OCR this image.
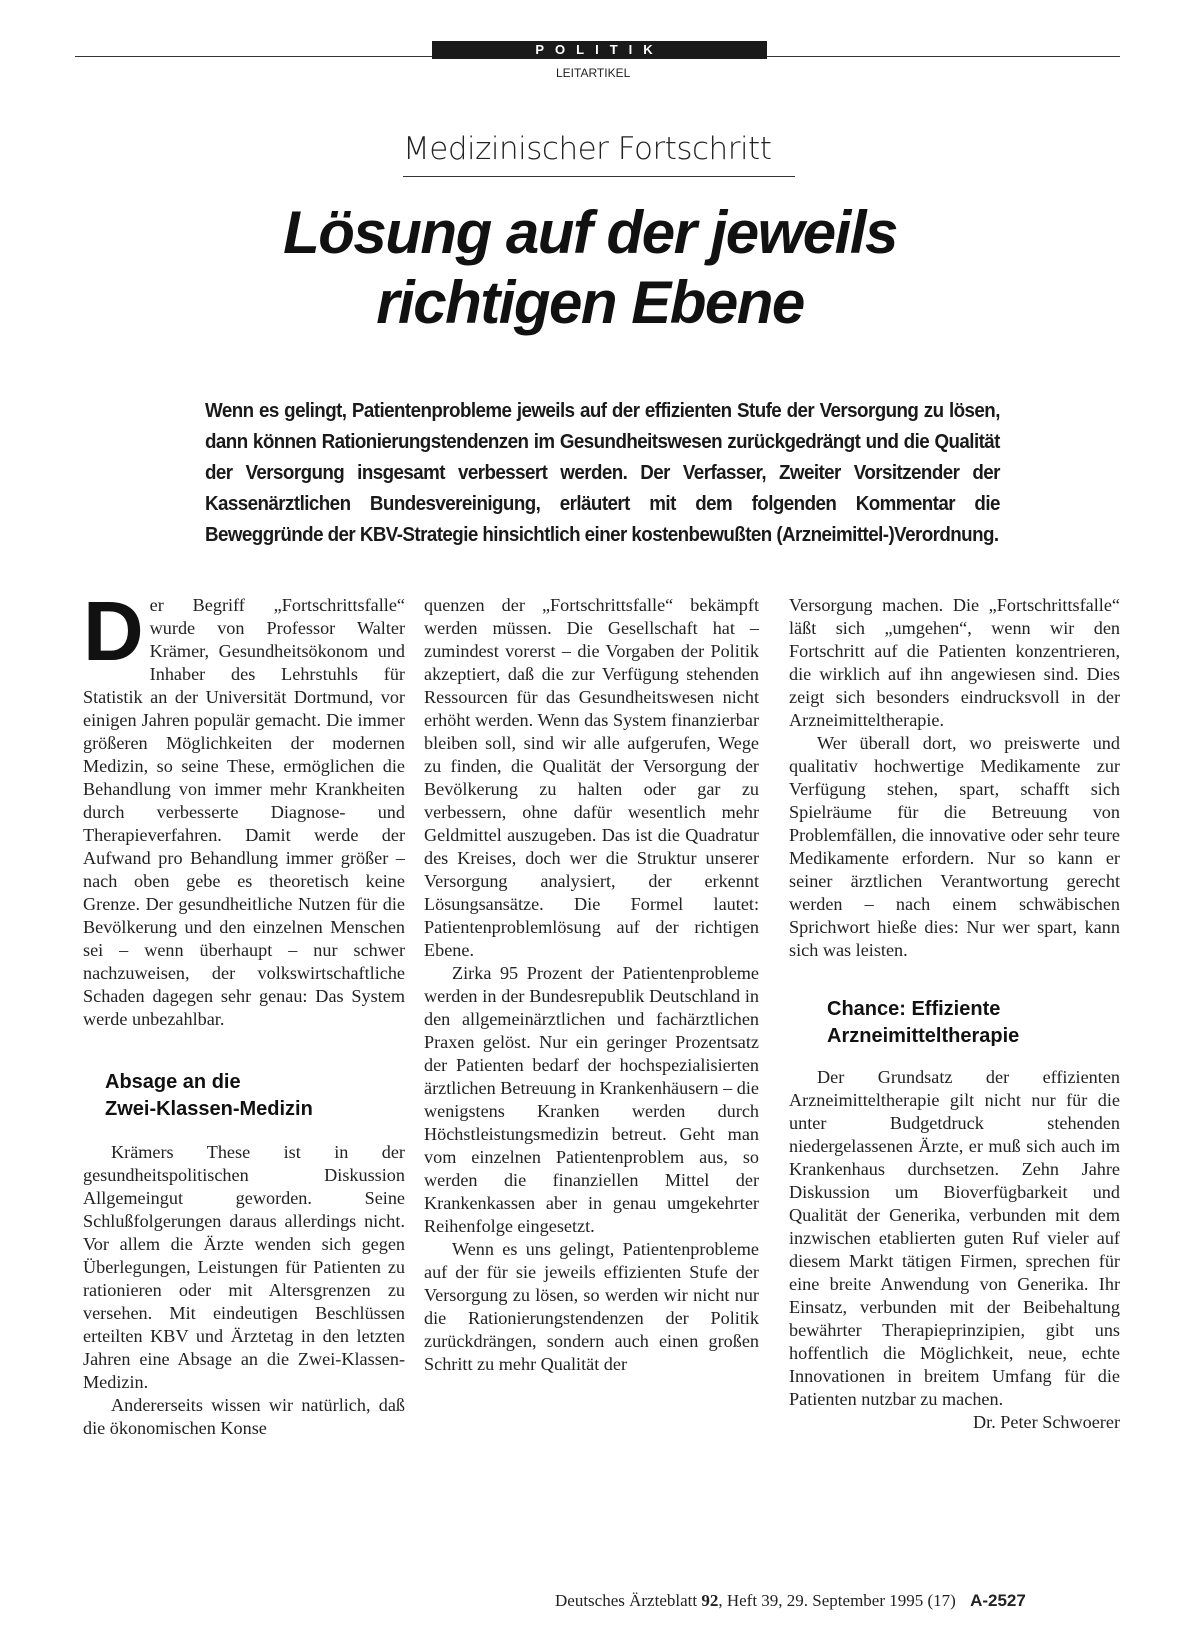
POLITIK
LEITARTIKEL
Medizinischer Fortschritt
Lösung auf der jeweils
richtigen Ebene
Wenn es gelingt, Patientenprobleme jeweils auf der effizienten Stufe der Versorgung zu lösen, dann können Rationierungstendenzen im Gesundheitswesen zurückgedrängt und die Qualität der Versorgung insgesamt verbessert werden. Der Verfasser, Zweiter Vorsitzender der Kassenärztlichen Bundesvereinigung, erläutert mit dem folgenden Kommentar die Beweggründe der KBV-Strategie hinsichtlich einer kostenbewußten (Arzneimittel-)Verordnung.

Der Begriff „Fortschrittsfalle“ wurde von Professor Walter Krämer, Gesundheitsökonom und Inhaber des Lehrstuhls für Statistik an der Universität Dortmund, vor einigen Jahren populär gemacht. Die immer größeren Möglichkeiten der modernen Medizin, so seine These, ermöglichen die Behandlung von immer mehr Krankheiten durch verbesserte Diagnose- und Therapieverfahren. Damit werde der Aufwand pro Behandlung immer größer – nach oben gebe es theoretisch keine Grenze. Der gesundheitliche Nutzen für die Bevölkerung und den einzelnen Menschen sei – wenn überhaupt – nur schwer nachzuweisen, der volkswirtschaftliche Schaden dagegen sehr genau: Das System werde unbezahlbar.

Absage an die
Zwei-Klassen-Medizin

Krämers These ist in der gesundheitspolitischen Diskussion Allgemeingut geworden. Seine Schlußfolgerungen daraus allerdings nicht. Vor allem die Ärzte wenden sich gegen Überlegungen, Leistungen für Patienten zu rationieren oder mit Altersgrenzen zu versehen. Mit eindeutigen Beschlüssen erteilten KBV und Ärztetag in den letzten Jahren eine Absage an die Zwei-Klassen-Medizin.

Andererseits wissen wir natürlich, daß die ökonomischen Konse

quenzen der „Fortschrittsfalle“ bekämpft werden müssen. Die Gesellschaft hat – zumindest vorerst – die Vorgaben der Politik akzeptiert, daß die zur Verfügung stehenden Ressourcen für das Gesundheitswesen nicht erhöht werden. Wenn das System finanzierbar bleiben soll, sind wir alle aufgerufen, Wege zu finden, die Qualität der Versorgung der Bevölkerung zu halten oder gar zu verbessern, ohne dafür wesentlich mehr Geldmittel auszugeben. Das ist die Quadratur des Kreises, doch wer die Struktur unserer Versorgung analysiert, der erkennt Lösungsansätze. Die Formel lautet: Patientenproblemlösung auf der richtigen Ebene.

Zirka 95 Prozent der Patientenprobleme werden in der Bundesrepublik Deutschland in den allgemeinärztlichen und fachärztlichen Praxen gelöst. Nur ein geringer Prozentsatz der Patienten bedarf der hochspezialisierten ärztlichen Betreuung in Krankenhäusern – die wenigstens Kranken werden durch Höchstleistungsmedizin betreut. Geht man vom einzelnen Patientenproblem aus, so werden die finanziellen Mittel der Krankenkassen aber in genau umgekehrter Reihenfolge eingesetzt.

Wenn es uns gelingt, Patientenprobleme auf der für sie jeweils effizienten Stufe der Versorgung zu lösen, so werden wir nicht nur die Rationierungstendenzen der Politik zurückdrängen, sondern auch einen großen Schritt zu mehr Qualität der

Versorgung machen. Die „Fortschrittsfalle“ läßt sich „umgehen“, wenn wir den Fortschritt auf die Patienten konzentrieren, die wirklich auf ihn angewiesen sind. Dies zeigt sich besonders eindrucksvoll in der Arzneimitteltherapie.

Wer überall dort, wo preiswerte und qualitativ hochwertige Medikamente zur Verfügung stehen, spart, schafft sich Spielräume für die Betreuung von Problemfällen, die innovative oder sehr teure Medikamente erfordern. Nur so kann er seiner ärztlichen Verantwortung gerecht werden – nach einem schwäbischen Sprichwort hieße dies: Nur wer spart, kann sich was leisten.

Chance: Effiziente
Arzneimitteltherapie

Der Grundsatz der effizienten Arzneimitteltherapie gilt nicht nur für die unter Budgetdruck stehenden niedergelassenen Ärzte, er muß sich auch im Krankenhaus durchsetzen. Zehn Jahre Diskussion um Bioverfügbarkeit und Qualität der Generika, verbunden mit dem inzwischen etablierten guten Ruf vieler auf diesem Markt tätigen Firmen, sprechen für eine breite Anwendung von Generika. Ihr Einsatz, verbunden mit der Beibehaltung bewährter Therapieprinzipien, gibt uns hoffentlich die Möglichkeit, neue, echte Innovationen in breitem Umfang für die Patienten nutzbar zu machen.

Dr. Peter Schwoerer

Deutsches Ärzteblatt 92, Heft 39, 29. September 1995 (17) A-2527
